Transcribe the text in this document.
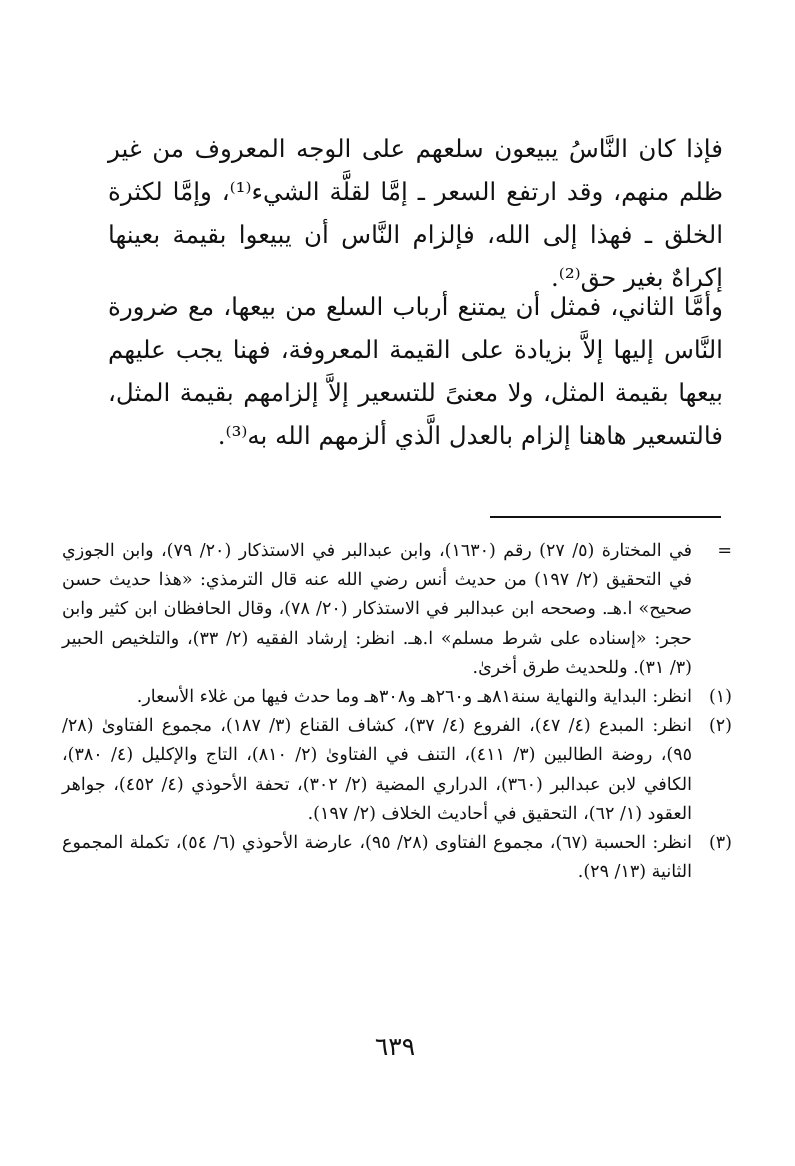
فإذا كان النَّاسُ يبيعون سلعهم على الوجه المعروف من غير ظلم منهم، وقد ارتفع السعر ـ إمَّا لقلَّة الشيء⁽¹⁾، وإمَّا لكثرة الخلق ـ فهذا إلى الله، فإلزام النَّاس أن يبيعوا بقيمة بعينها إكراهٌ بغير حق⁽²⁾.

وأمَّا الثاني، فمثل أن يمتنع أرباب السلع من بيعها، مع ضرورة النَّاس إليها إلاَّ بزيادة على القيمة المعروفة، فهنا يجب عليهم بيعها بقيمة المثل، ولا معنىً للتسعير إلاَّ إلزامهم بقيمة المثل، فالتسعير هاهنا إلزام بالعدل الَّذي ألزمهم الله به⁽³⁾.

=
في المختارة (٥/ ٢٧) رقم (١٦٣٠)، وابن عبدالبر في الاستذكار (٢٠/ ٧٩)، وابن الجوزي في التحقيق (٢/ ١٩٧) من حديث أنس رضي الله عنه قال الترمذي: «هذا حديث حسن صحيح» ا.هـ. وصححه ابن عبدالبر في الاستذكار (٢٠/ ٧٨)، وقال الحافظان ابن كثير وابن حجر: «إسناده على شرط مسلم» ا.هـ. انظر: إرشاد الفقيه (٢/ ٣٣)، والتلخيص الحبير (٣/ ٣١). وللحديث طرق أخرىٰ.
(١)
انظر: البداية والنهاية سنة٨١هـ و٢٦٠هـ و٣٠٨هـ وما حدث فيها من غلاء الأسعار.
(٢)
انظر: المبدع (٤/ ٤٧)، الفروع (٤/ ٣٧)، كشاف القناع (٣/ ١٨٧)، مجموع الفتاوىٰ (٢٨/ ٩٥)، روضة الطالبين (٣/ ٤١١)، التنف في الفتاوىٰ (٢/ ٨١٠)، التاج والإكليل (٤/ ٣٨٠)، الكافي لابن عبدالبر (٣٦٠)، الدراري المضية (٢/ ٣٠٢)، تحفة الأحوذي (٤/ ٤٥٢)، جواهر العقود (١/ ٦٢)، التحقيق في أحاديث الخلاف (٢/ ١٩٧).
(٣)
انظر: الحسبة (٦٧)، مجموع الفتاوى (٢٨/ ٩٥)، عارضة الأحوذي (٦/ ٥٤)، تكملة المجموع الثانية (١٣/ ٢٩).
٦٣٩
